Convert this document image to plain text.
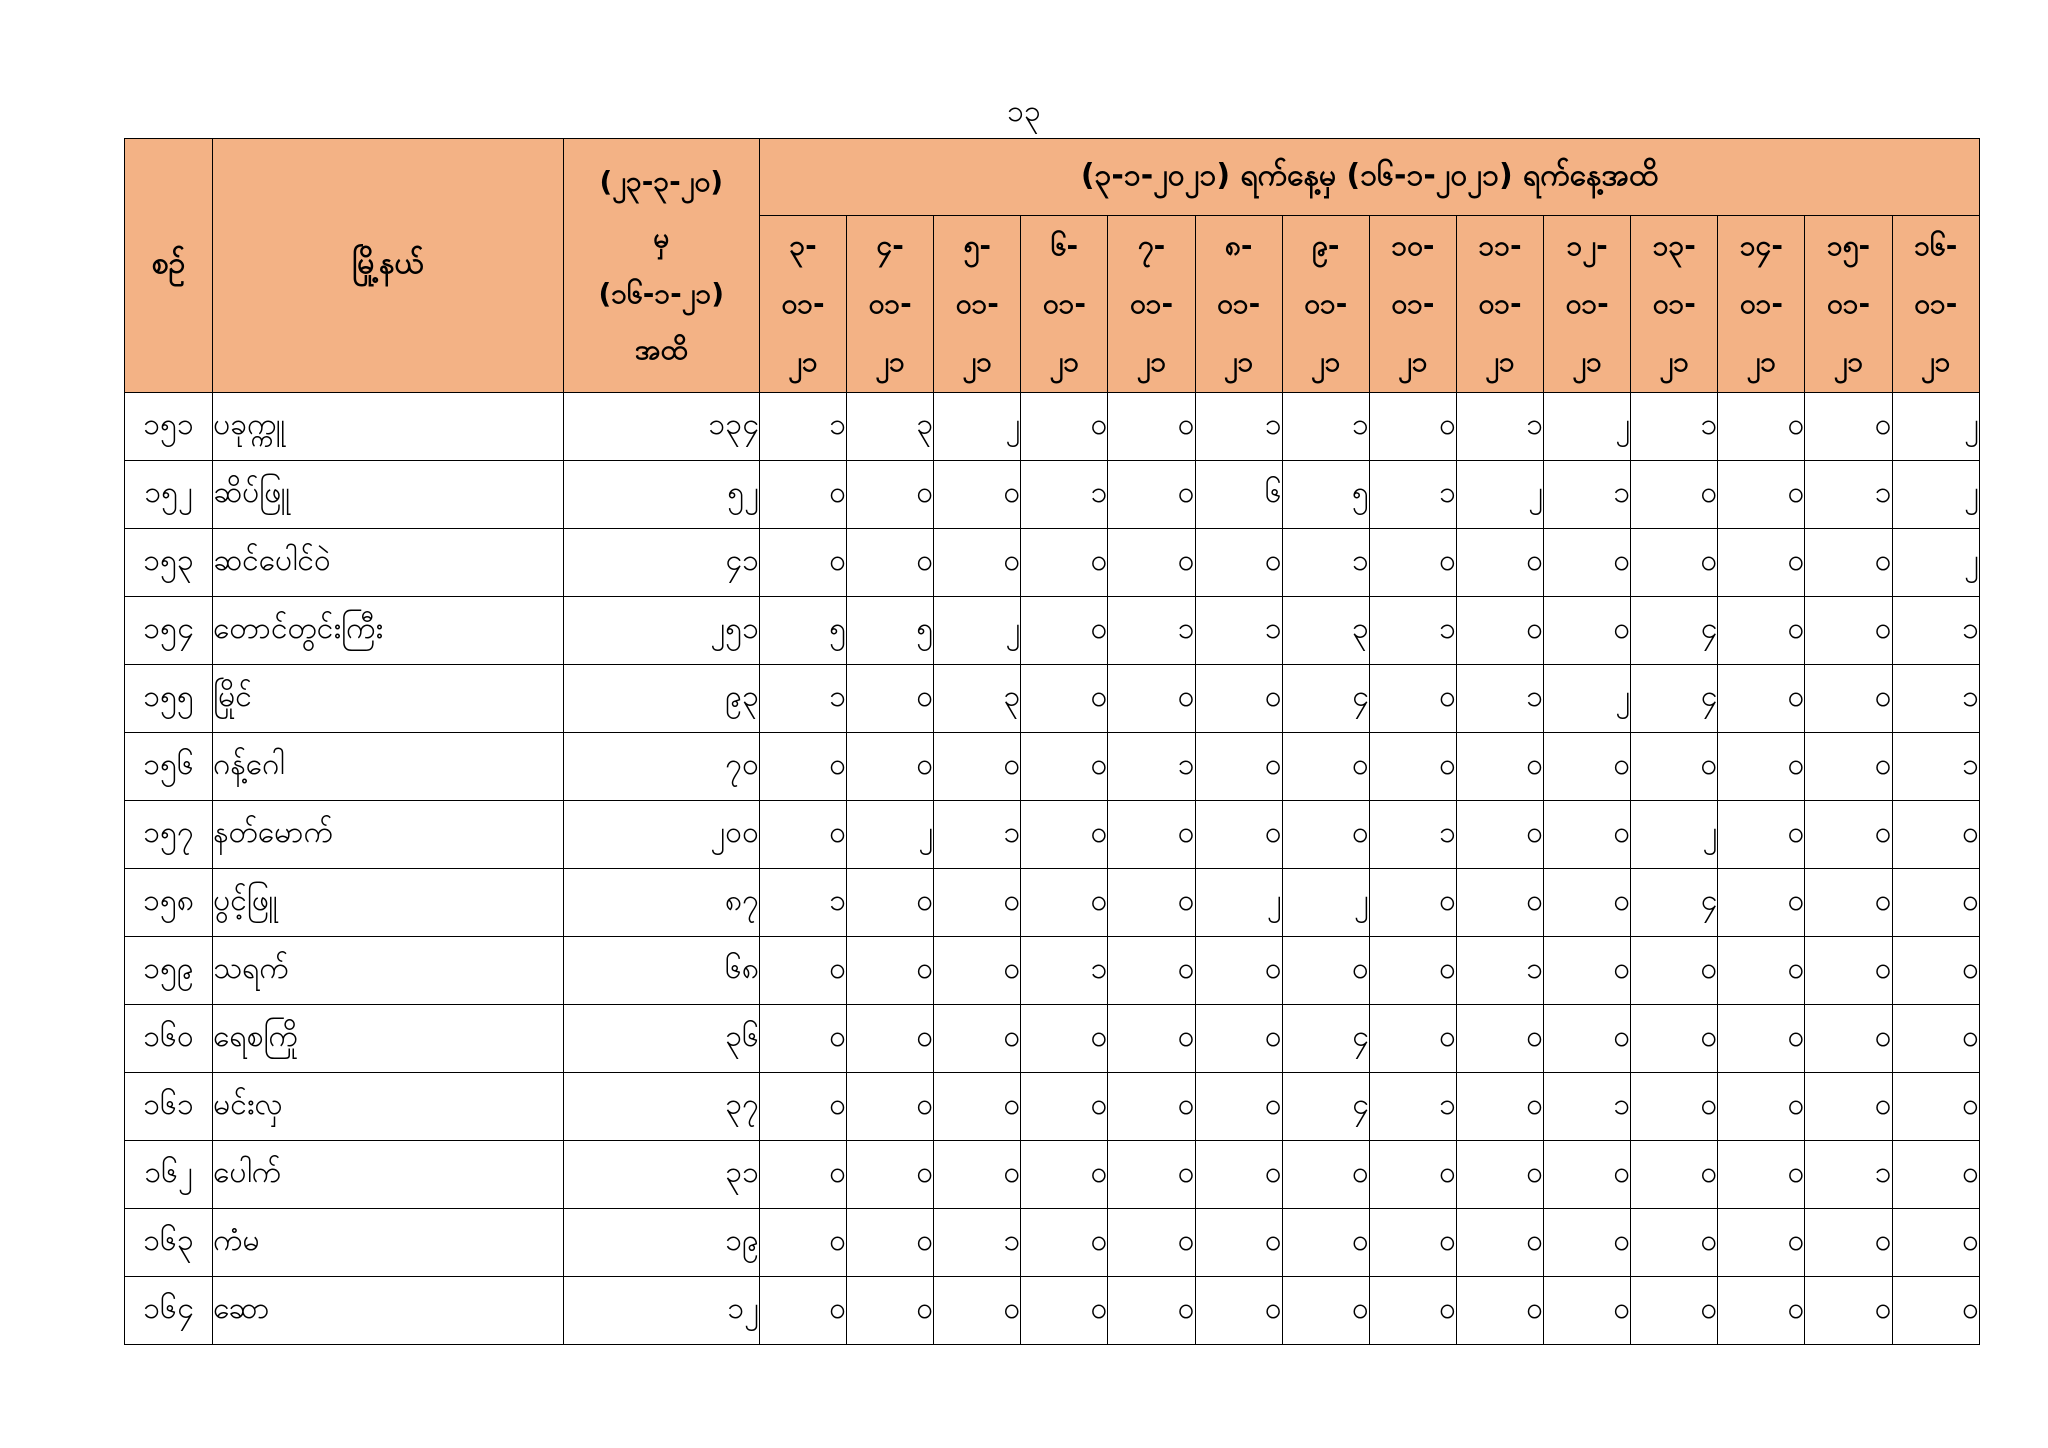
၁၃
စဉ်	မြို့နယ်	(၂၃-၃-၂၀)
မှ
(၁၆-၁-၂၁)
အထိ	(၃-၁-၂၀၂၁) ရက်နေ့မှ (၁၆-၁-၂၀၂၁) ရက်နေ့အထိ													

			၃-
၀၁-
၂၁	၄-
၀၁-
၂၁	၅-
၀၁-
၂၁	၆-
၀၁-
၂၁	၇-
၀၁-
၂၁	၈-
၀၁-
၂၁	၉-
၀၁-
၂၁	၁၀-
၀၁-
၂၁	၁၁-
၀၁-
၂၁	၁၂-
၀၁-
၂၁	၁၃-
၀၁-
၂၁	၁၄-
၀၁-
၂၁	၁၅-
၀၁-
၂၁	၁၆-
၀၁-
၂၁

၁၅၁	ပခုက္ကူ	၁၃၄	၁	၃	၂	၀	၀	၁	၁	၀	၁	၂	၁	၀	၀	၂
၁၅၂	ဆိပ်ဖြူ	၅၂	၀	၀	၀	၁	၀	၆	၅	၁	၂	၁	၀	၀	၁	၂
၁၅၃	ဆင်ပေါင်ဝဲ	၄၁	၀	၀	၀	၀	၀	၀	၁	၀	၀	၀	၀	၀	၀	၂
၁၅၄	တောင်တွင်းကြီး	၂၅၁	၅	၅	၂	၀	၁	၁	၃	၁	၀	၀	၄	၀	၀	၁
၁၅၅	မြိုင်	၉၃	၁	၀	၃	၀	၀	၀	၄	၀	၁	၂	၄	၀	၀	၁
၁၅၆	ဂန့်ဂေါ	၇၀	၀	၀	၀	၀	၁	၀	၀	၀	၀	၀	၀	၀	၀	၁
၁၅၇	နတ်မောက်	၂၀၀	၀	၂	၁	၀	၀	၀	၀	၁	၀	၀	၂	၀	၀	၀
၁၅၈	ပွင့်ဖြူ	၈၇	၁	၀	၀	၀	၀	၂	၂	၀	၀	၀	၄	၀	၀	၀
၁၅၉	သရက်	၆၈	၀	၀	၀	၁	၀	၀	၀	၀	၁	၀	၀	၀	၀	၀
၁၆၀	ရေစကြို	၃၆	၀	၀	၀	၀	၀	၀	၄	၀	၀	၀	၀	၀	၀	၀
၁၆၁	မင်းလှ	၃၇	၀	၀	၀	၀	၀	၀	၄	၁	၀	၁	၀	၀	၀	၀
၁၆၂	ပေါက်	၃၁	၀	၀	၀	၀	၀	၀	၀	၀	၀	၀	၀	၀	၁	၀
၁၆၃	ကံမ	၁၉	၀	၀	၁	၀	၀	၀	၀	၀	၀	၀	၀	၀	၀	၀
၁၆၄	ဆော	၁၂	၀	၀	၀	၀	၀	၀	၀	၀	၀	၀	၀	၀	၀	၀
